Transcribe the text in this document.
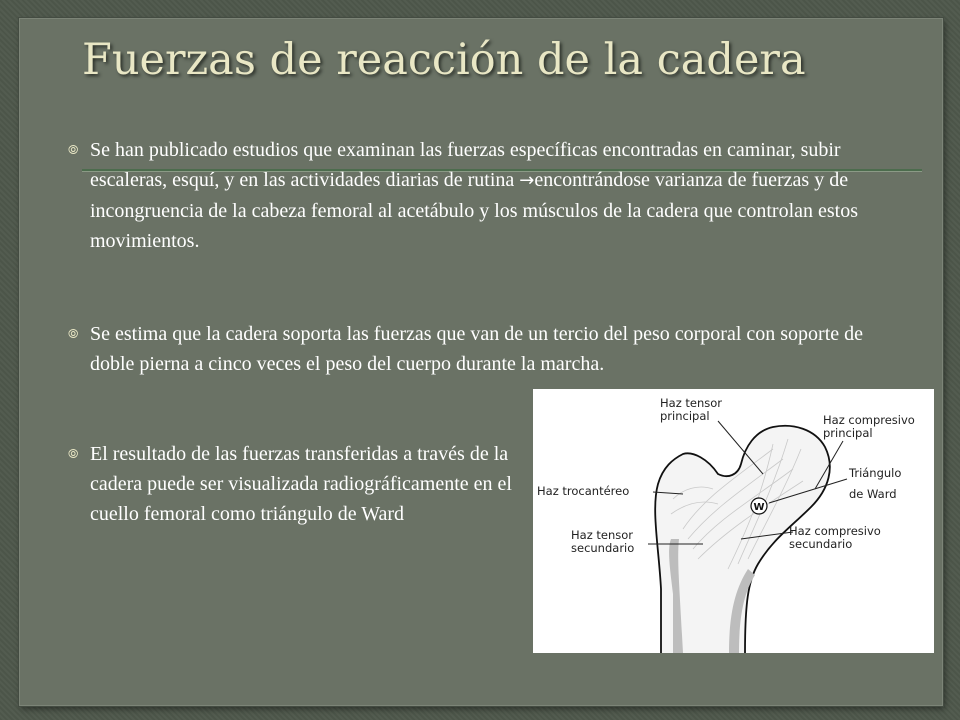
Fuerzas de reacción de la cadera
⦾ Se han publicado estudios que examinan las fuerzas específicas encontradas en caminar, subir escaleras, esquí, y en las actividades diarias de rutina →encontrándose varianza de fuerzas y de incongruencia de la cabeza femoral al acetábulo y los músculos de la cadera que controlan estos movimientos.

⦾ Se estima que la cadera soporta las fuerzas que van de un tercio del peso corporal con soporte de doble pierna a cinco veces el peso del cuerpo durante la marcha.

⦾ El resultado de las fuerzas transferidas a través de la cadera puede ser visualizada radiográficamente en el cuello femoral como triángulo de Ward	W
Haz tensor
principal	Haz compresivo
principal
Triángulo
de Ward
Haz trocantéreo
Haz tensor
secundario
Haz compresivo
secundario
